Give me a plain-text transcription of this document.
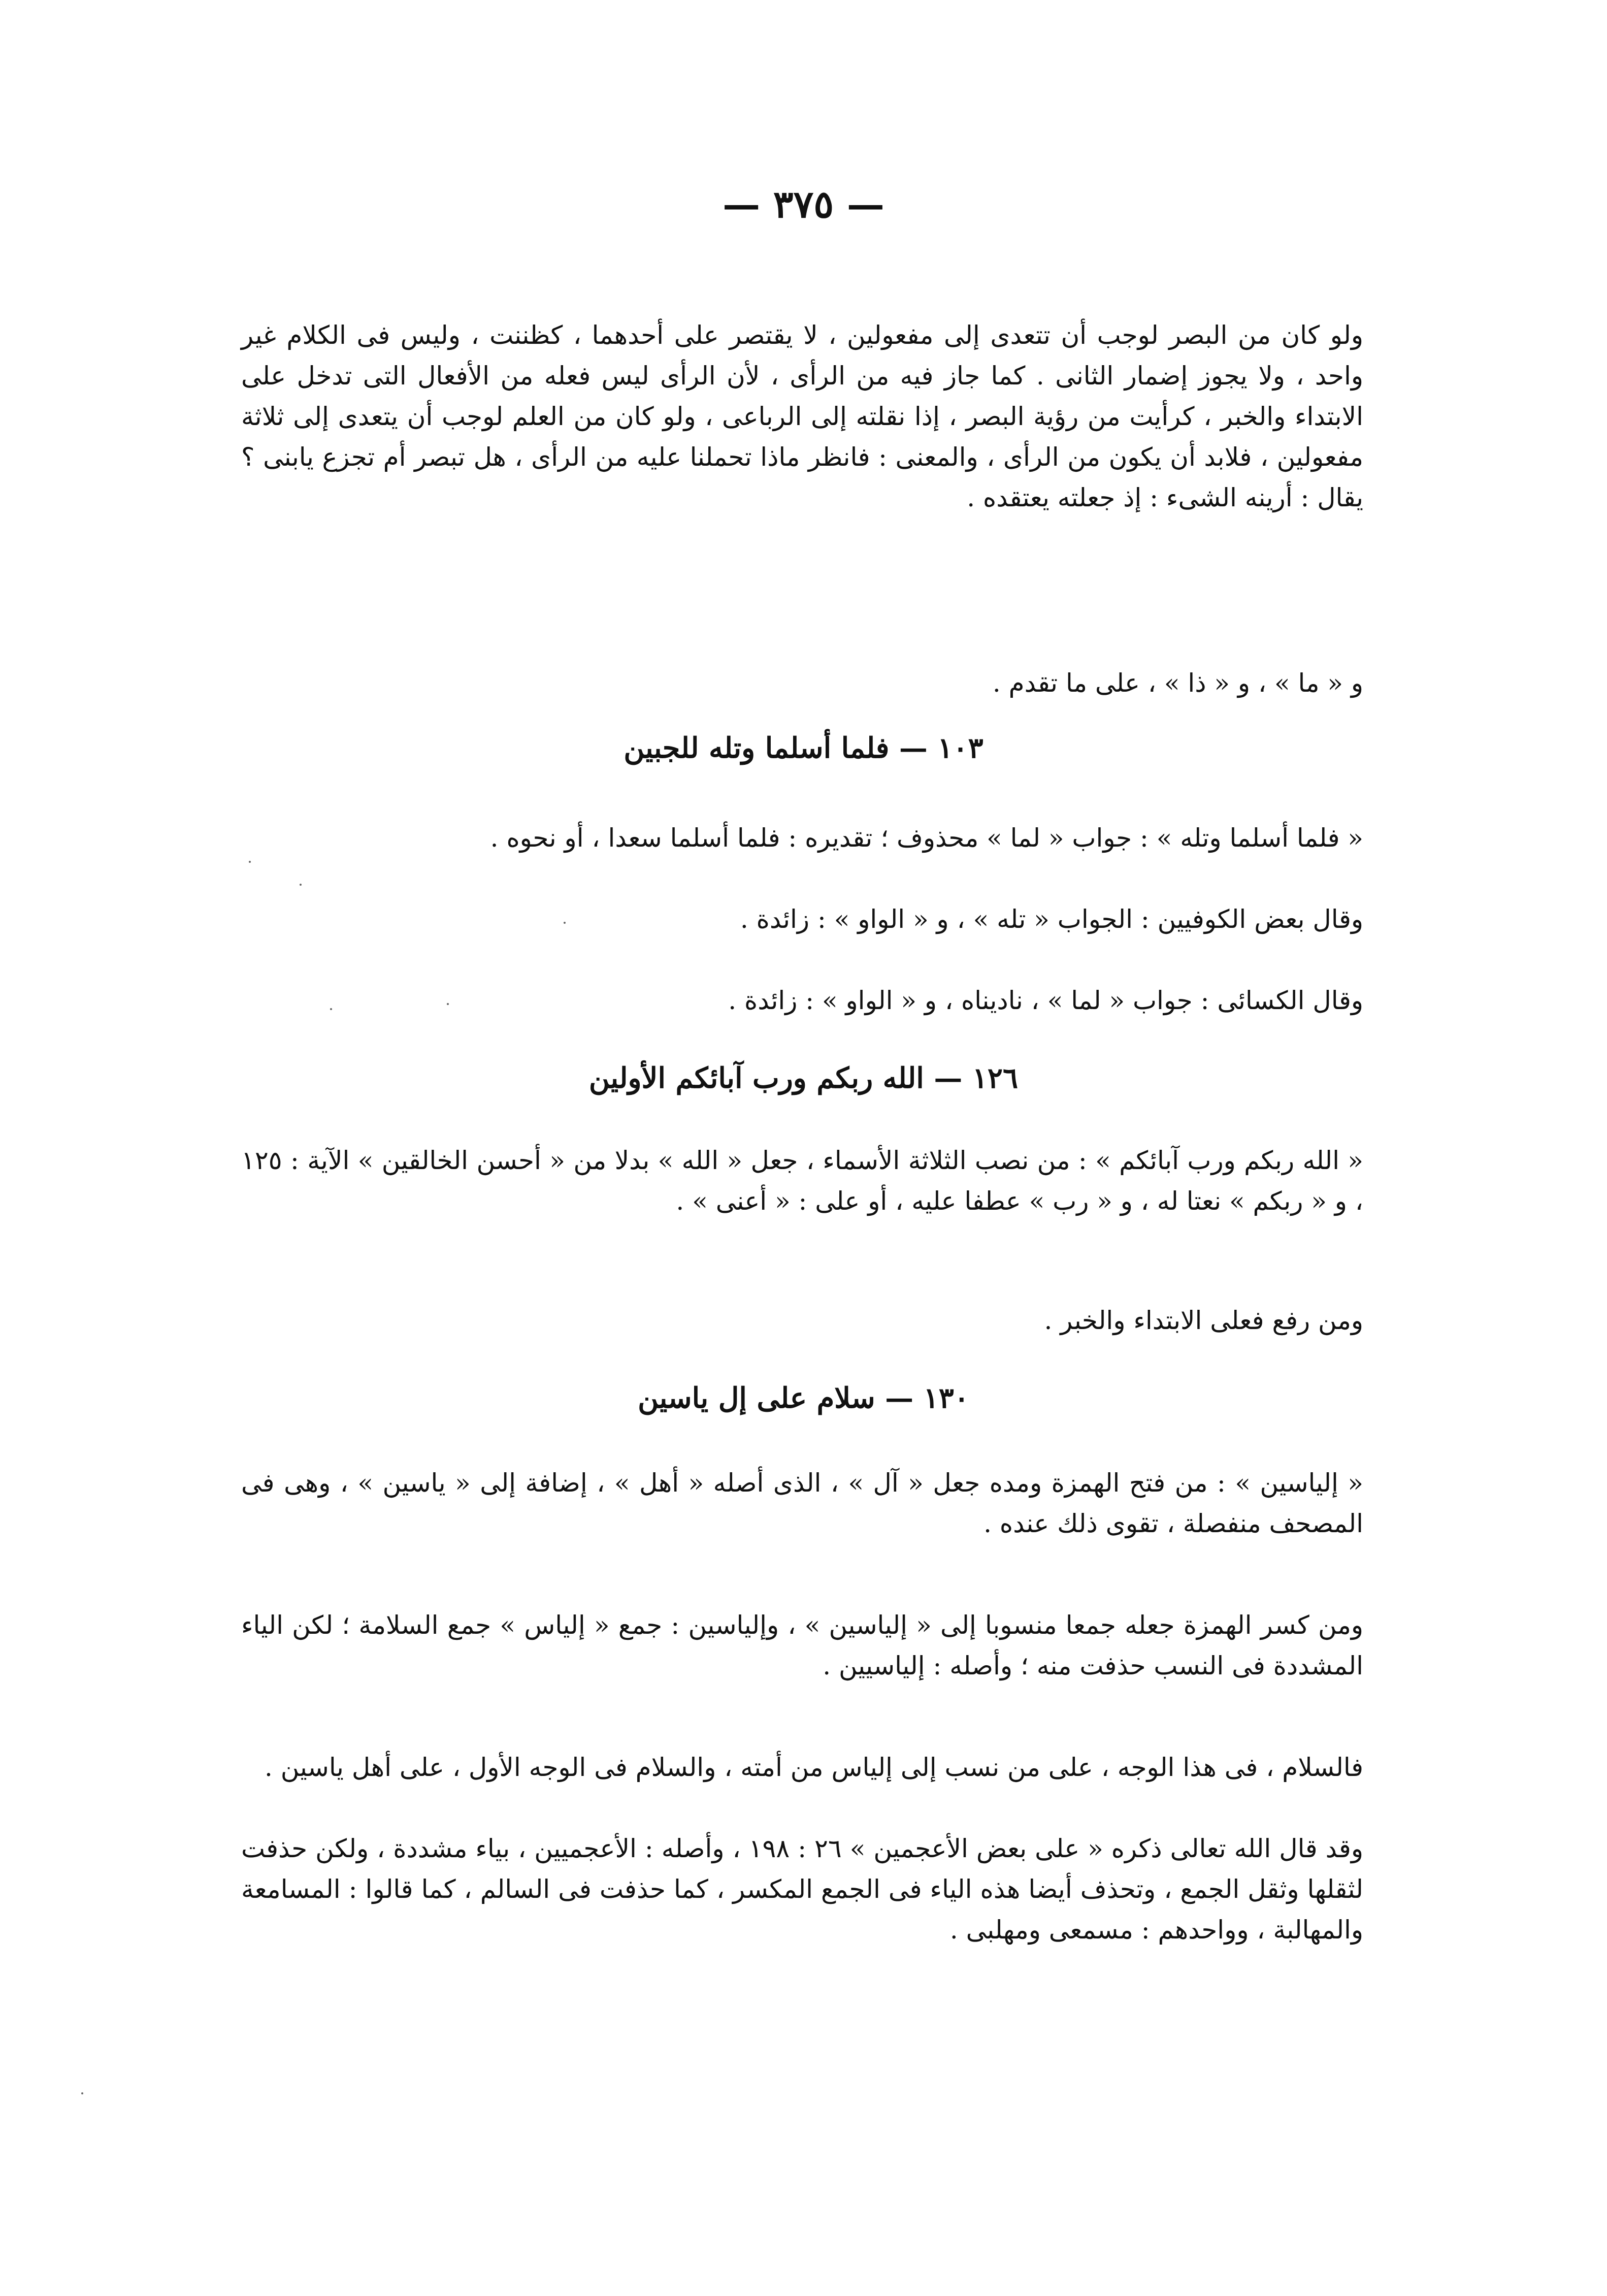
— ٣٧٥ —

ولو كان من البصر لوجب أن تتعدى إلى مفعولين ، لا يقتصر على أحدهما ، كظننت ، وليس فى الكلام غير واحد ، ولا يجوز إضمار الثانى . كما جاز فيه من الرأى ، لأن الرأى ليس فعله من الأفعال التى تدخل على الابتداء والخبر ، كرأيت من رؤية البصر ، إذا نقلته إلى الرباعى ، ولو كان من العلم لوجب أن يتعدى إلى ثلاثة مفعولين ، فلابد أن يكون من الرأى ، والمعنى : فانظر ماذا تحملنا عليه من الرأى ، هل تبصر أم تجزع يابنى ؟ يقال : أرينه الشىء : إذ جعلته يعتقده .

و « ما » ، و « ذا » ، على ما تقدم .
١٠٣ — فلما أسلما وتله للجبين
« فلما أسلما وتله » : جواب « لما » محذوف ؛ تقديره : فلما أسلما سعدا ، أو نحوه .
وقال بعض الكوفيين : الجواب « تله » ، و « الواو » : زائدة .
وقال الكسائى : جواب « لما » ، ناديناه ، و « الواو » : زائدة .
١٢٦ — الله ربكم ورب آبائكم الأولين

« الله ربكم ورب آبائكم » : من نصب الثلاثة الأسماء ، جعل « الله » بدلا من « أحسن الخالقين » الآية : ١٢٥ ، و « ربكم » نعتا له ، و « رب » عطفا عليه ، أو على : « أعنى » .

ومن رفع فعلى الابتداء والخبر .
١٣٠ — سلام على إل ياسين

« إلياسين » : من فتح الهمزة ومده جعل « آل » ، الذى أصله « أهل » ، إضافة إلى « ياسين » ، وهى فى المصحف منفصلة ، تقوى ذلك عنده .

ومن كسر الهمزة جعله جمعا منسوبا إلى « إلياسين » ، وإلياسين : جمع « إلياس » جمع السلامة ؛ لكن الياء المشددة فى النسب حذفت منه ؛ وأصله : إلياسيين .

فالسلام ، فى هذا الوجه ، على من نسب إلى إلياس من أمته ، والسلام فى الوجه الأول ، على أهل ياسين .

وقد قال الله تعالى ذكره « على بعض الأعجمين » ٢٦ : ١٩٨ ، وأصله : الأعجميين ، بياء مشددة ، ولكن حذفت لثقلها وثقل الجمع ، وتحذف أيضا هذه الياء فى الجمع المكسر ، كما حذفت فى السالم ، كما قالوا : المسامعة والمهالبة ، وواحدهم : مسمعى ومهلبى .
